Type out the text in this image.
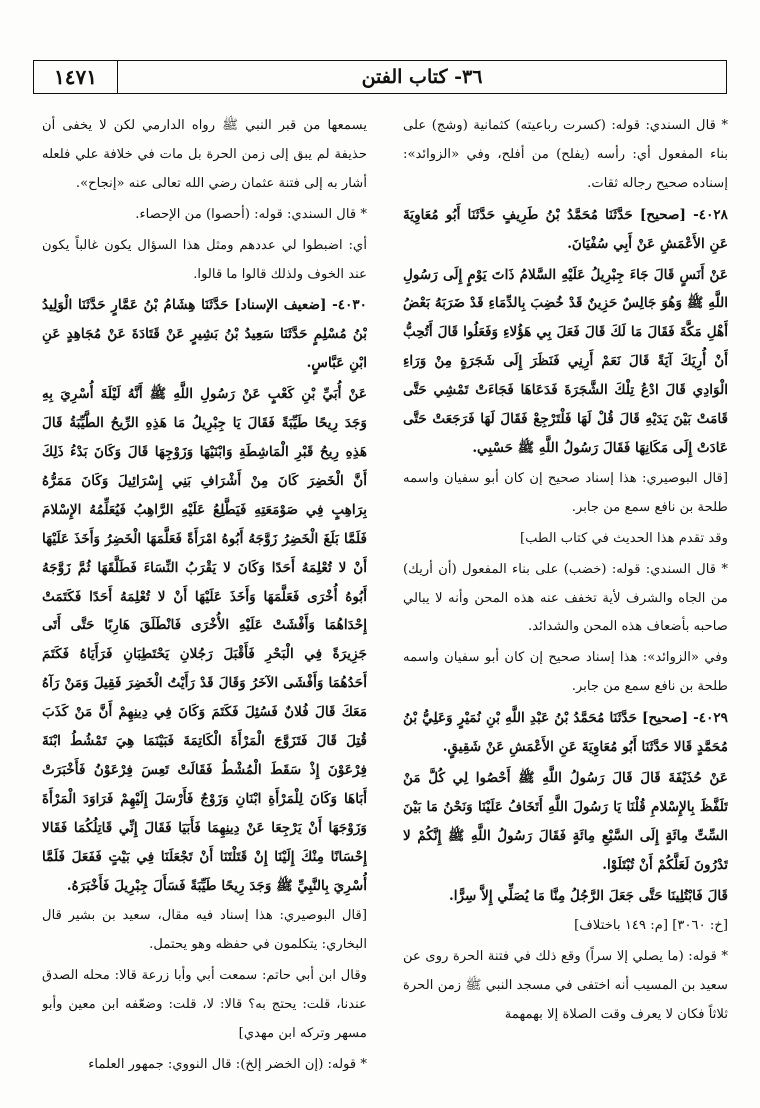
١٤٧١	٣٦- كتاب الفتن

* قال السندي: قوله: (كسرت رباعيته) كثمانية (وشج) على بناء المفعول أي: رأسه (يفلح) من أفلح، وفي «الزوائد»: إسناده صحيح رجاله ثقات.

٤٠٢٨- [صحيح] حَدَّثَنَا مُحَمَّدُ بْنُ طَرِيفٍ حَدَّثَنَا أَبُو مُعَاوِيَةَ عَنِ الأَعْمَشِ عَنْ أَبِي سُفْيَانَ.

عَنْ أَنَسٍ قَالَ جَاءَ جِبْرِيلُ عَلَيْهِ السَّلامُ ذَاتَ يَوْمٍ إِلَى رَسُولِ اللَّهِ ﷺ وَهُوَ جَالِسٌ حَزِينٌ قَدْ خُضِبَ بِالدِّمَاءِ قَدْ ضَرَبَهُ بَعْضُ أَهْلِ مَكَّةَ فَقَالَ مَا لَكَ قَالَ فَعَلَ بِي هَؤُلاءِ وَفَعَلُوا قَالَ أَتُحِبُّ أَنْ أُرِيَكَ آيَةً قَالَ نَعَمْ أَرِنِي فَنَظَرَ إِلَى شَجَرَةٍ مِنْ وَرَاءِ الْوَادِي قَالَ ادْعُ تِلْكَ الشَّجَرَةَ فَدَعَاهَا فَجَاءَتْ تَمْشِي حَتَّى قَامَتْ بَيْنَ يَدَيْهِ قَالَ قُلْ لَهَا فَلْتَرْجِعْ فَقَالَ لَهَا فَرَجَعَتْ حَتَّى عَادَتْ إِلَى مَكَانِهَا فَقَالَ رَسُولُ اللَّهِ ﷺ حَسْبِي.

[قال البوصيري: هذا إسناد صحيح إن كان أبو سفيان واسمه طلحة بن نافع سمع من جابر.

وقد تقدم هذا الحديث في كتاب الطب]

* قال السندي: قوله: (خضب) على بناء المفعول (أن أريك) من الجاه والشرف لأية تخفف عنه هذه المحن وأنه لا يبالي صاحبه بأضعاف هذه المحن والشدائد.

وفي «الزوائد»: هذا إسناد صحيح إن كان أبو سفيان واسمه طلحة بن نافع سمع من جابر.

٤٠٢٩- [صحيح] حَدَّثَنَا مُحَمَّدُ بْنُ عَبْدِ اللَّهِ بْنِ نُمَيْرٍ وَعَلِيُّ بْنُ مُحَمَّدٍ قَالا حَدَّثَنَا أَبُو مُعَاوِيَةَ عَنِ الأَعْمَشِ عَنْ شَقِيقٍ.

عَنْ حُذَيْفَةَ قَالَ قَالَ رَسُولُ اللَّهِ ﷺ أَحْصُوا لِي كُلَّ مَنْ تَلَفَّظَ بِالإِسْلامِ قُلْنَا يَا رَسُولَ اللَّهِ أَتَخَافُ عَلَيْنَا وَنَحْنُ مَا بَيْنَ السِّتِّ مِائَةٍ إِلَى السَّبْعِ مِائَةٍ فَقَالَ رَسُولُ اللَّهِ ﷺ إِنَّكُمْ لا تَدْرُونَ لَعَلَّكُمْ أَنْ تُبْتَلَوْا.

قَالَ فَابْتُلِينَا حَتَّى جَعَلَ الرَّجُلُ مِنَّا مَا يُصَلِّي إِلاَّ سِرًّا.

[خ: ٣٠٦٠] [م: ١٤٩ باختلاف]

* قوله: (ما يصلي إلا سراً) وقع ذلك في فتنة الحرة روى عن سعيد بن المسيب أنه اختفى في مسجد النبي ﷺ زمن الحرة ثلاثاً فكان لا يعرف وقت الصلاة إلا بهمهمة

يسمعها من قبر النبي ﷺ رواه الدارمي لكن لا يخفى أن حذيفة لم يبق إلى زمن الحرة بل مات في خلافة علي فلعله أشار به إلى فتنة عثمان رضي الله تعالى عنه «إنجاح».

* قال السندي: قوله: (أحصوا) من الإحصاء.

أي: اضبطوا لي عددهم ومثل هذا السؤال يكون غالباً يكون عند الخوف ولذلك قالوا ما قالوا.

٤٠٣٠- [ضعيف الإسناد] حَدَّثَنَا هِشَامُ بْنُ عَمَّارٍ حَدَّثَنَا الْوَلِيدُ بْنُ مُسْلِمٍ حَدَّثَنَا سَعِيدُ بْنُ بَشِيرٍ عَنْ قَتَادَةَ عَنْ مُجَاهِدٍ عَنِ ابْنِ عَبَّاسٍ.

عَنْ أُبَيِّ بْنِ كَعْبٍ عَنْ رَسُولِ اللَّهِ ﷺ أَنَّهُ لَيْلَةَ أُسْرِيَ بِهِ وَجَدَ رِيحًا طَيِّبَةً فَقَالَ يَا جِبْرِيلُ مَا هَذِهِ الرِّيحُ الطَّيِّبَةُ قَالَ هَذِهِ رِيحُ قَبْرِ الْمَاشِطَةِ وَابْنَيْهَا وَزَوْجِهَا قَالَ وَكَانَ بَدْءُ ذَلِكَ أَنَّ الْخَضِرَ كَانَ مِنْ أَشْرَافِ بَنِي إِسْرَائِيلَ وَكَانَ مَمَرُّهُ بِرَاهِبٍ فِي صَوْمَعَتِهِ فَيَطَّلِعُ عَلَيْهِ الرَّاهِبُ فَيُعَلِّمُهُ الإِسْلامَ فَلَمَّا بَلَغَ الْخَضِرُ زَوَّجَهُ أَبُوهُ امْرَأَةً فَعَلَّمَهَا الْخَضِرُ وَأَخَذَ عَلَيْهَا أَنْ لا تُعْلِمَهُ أَحَدًا وَكَانَ لا يَقْرَبُ النِّسَاءَ فَطَلَّقَهَا ثُمَّ زَوَّجَهُ أَبُوهُ أُخْرَى فَعَلَّمَهَا وَأَخَذَ عَلَيْهَا أَنْ لا تُعْلِمَهُ أَحَدًا فَكَتَمَتْ إِحْدَاهُمَا وَأَفْشَتْ عَلَيْهِ الأُخْرَى فَانْطَلَقَ هَارِبًا حَتَّى أَتَى جَزِيرَةً فِي الْبَحْرِ فَأَقْبَلَ رَجُلانِ يَحْتَطِبَانِ فَرَأَيَاهُ فَكَتَمَ أَحَدُهُمَا وَأَفْشَى الآخَرُ وَقَالَ قَدْ رَأَيْتُ الْخَضِرَ فَقِيلَ وَمَنْ رَآهُ مَعَكَ قَالَ فُلانٌ فَسُئِلَ فَكَتَمَ وَكَانَ فِي دِينِهِمْ أَنَّ مَنْ كَذَبَ قُتِلَ قَالَ فَتَزَوَّجَ الْمَرْأَةَ الْكَاتِمَةَ فَبَيْنَمَا هِيَ تَمْشُطُ ابْنَةَ فِرْعَوْنَ إِذْ سَقَطَ الْمُشْطُ فَقَالَتْ تَعِسَ فِرْعَوْنُ فَأَخْبَرَتْ أَبَاهَا وَكَانَ لِلْمَرْأَةِ ابْنَانِ وَزَوْجٌ فَأَرْسَلَ إِلَيْهِمْ فَرَاوَدَ الْمَرْأَةَ وَزَوْجَهَا أَنْ يَرْجِعَا عَنْ دِينِهِمَا فَأَبَيَا فَقَالَ إِنِّي قَاتِلُكُمَا فَقَالا إِحْسَانًا مِنْكَ إِلَيْنَا إِنْ قَتَلْتَنَا أَنْ تَجْعَلَنَا فِي بَيْتٍ فَفَعَلَ فَلَمَّا أُسْرِيَ بِالنَّبِيِّ ﷺ وَجَدَ رِيحًا طَيِّبَةً فَسَأَلَ جِبْرِيلَ فَأَخْبَرَهُ.

[قال البوصيري: هذا إسناد فيه مقال، سعيد بن بشير قال البخاري: يتكلمون في حفظه وهو يحتمل.

وقال ابن أبي حاتم: سمعت أبي وأبا زرعة قالا: محله الصدق عندنا، قلت: يحتج به؟ قالا: لا، قلت: وضعّفه ابن معين وأبو مسهر وتركه ابن مهدي]

* قوله: (إن الخضر إلخ): قال النووي: جمهور العلماء
